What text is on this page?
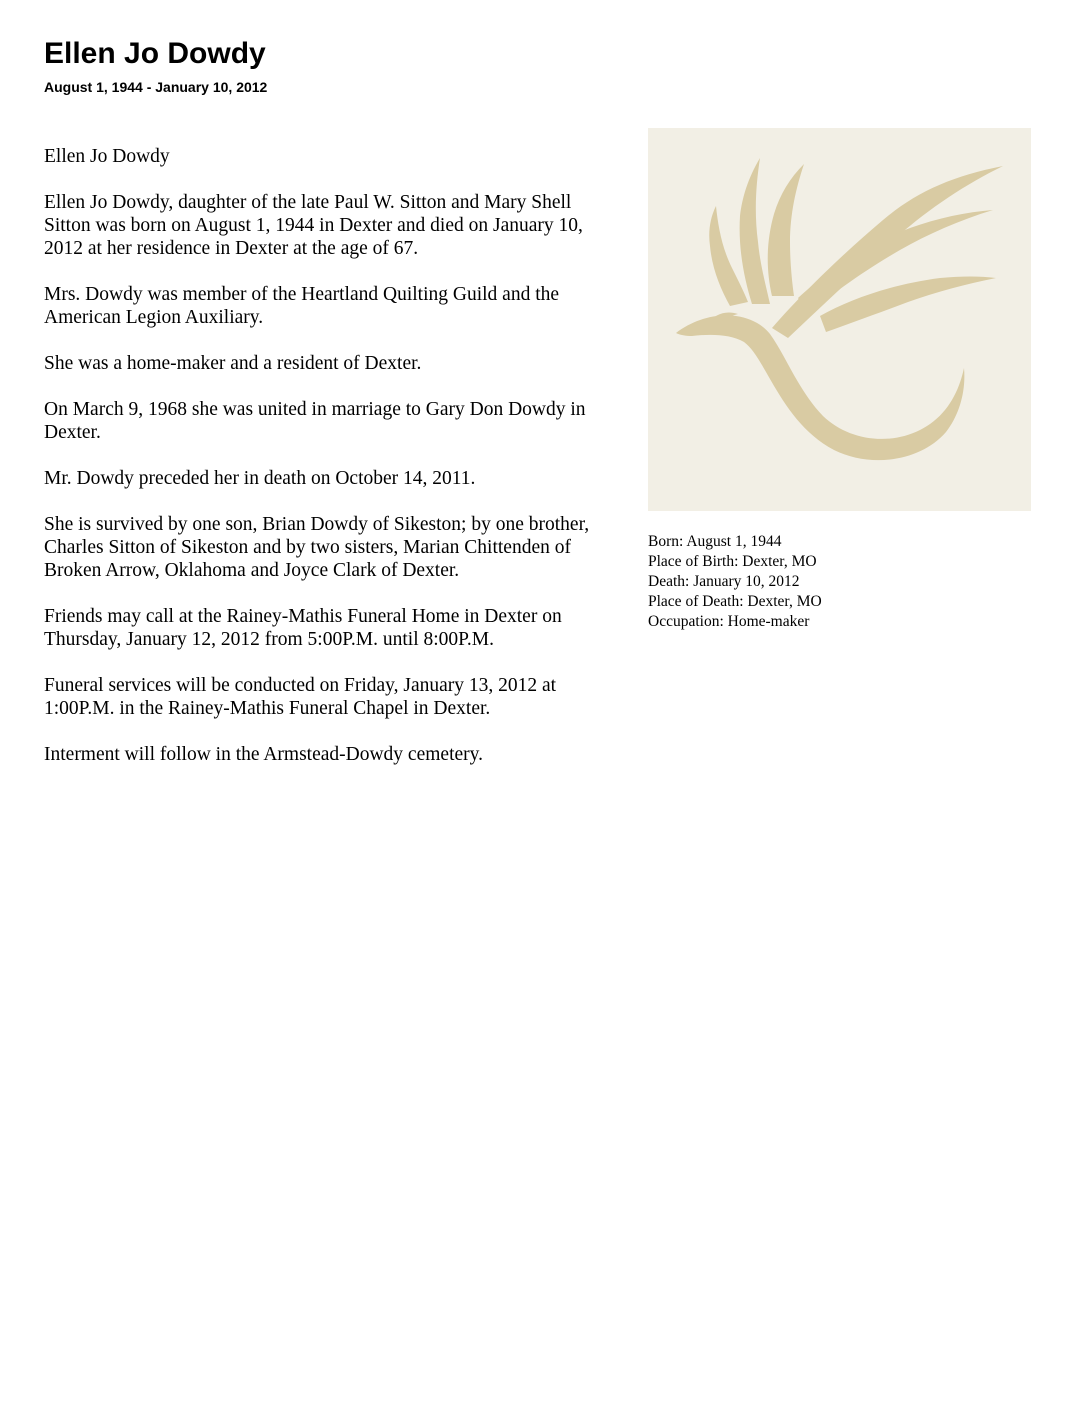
Ellen Jo Dowdy
August 1, 1944 - January 10, 2012

Ellen Jo Dowdy

Ellen Jo Dowdy, daughter of the late Paul W. Sitton and Mary Shell Sitton was born on August 1, 1944 in Dexter and died on January 10, 2012 at her residence in Dexter at the age of 67.

Mrs. Dowdy was member of the Heartland Quilting Guild and the American Legion Auxiliary.

She was a home-maker and a resident of Dexter.

On March 9, 1968 she was united in marriage to Gary Don Dowdy in Dexter.

Mr. Dowdy preceded her in death on October 14, 2011.

She is survived by one son, Brian Dowdy of Sikeston; by one brother, Charles Sitton of Sikeston and by two sisters, Marian Chittenden of Broken Arrow, Oklahoma and Joyce Clark of Dexter.

Friends may call at the Rainey-Mathis Funeral Home in Dexter on Thursday, January 12, 2012 from 5:00P.M. until 8:00P.M.

Funeral services will be conducted on Friday, January 13, 2012 at 1:00P.M. in the Rainey-Mathis Funeral Chapel in Dexter.

Interment will follow in the Armstead-Dowdy cemetery.

Born: August 1, 1944
Place of Birth: Dexter, MO
Death: January 10, 2012
Place of Death: Dexter, MO
Occupation: Home-maker
